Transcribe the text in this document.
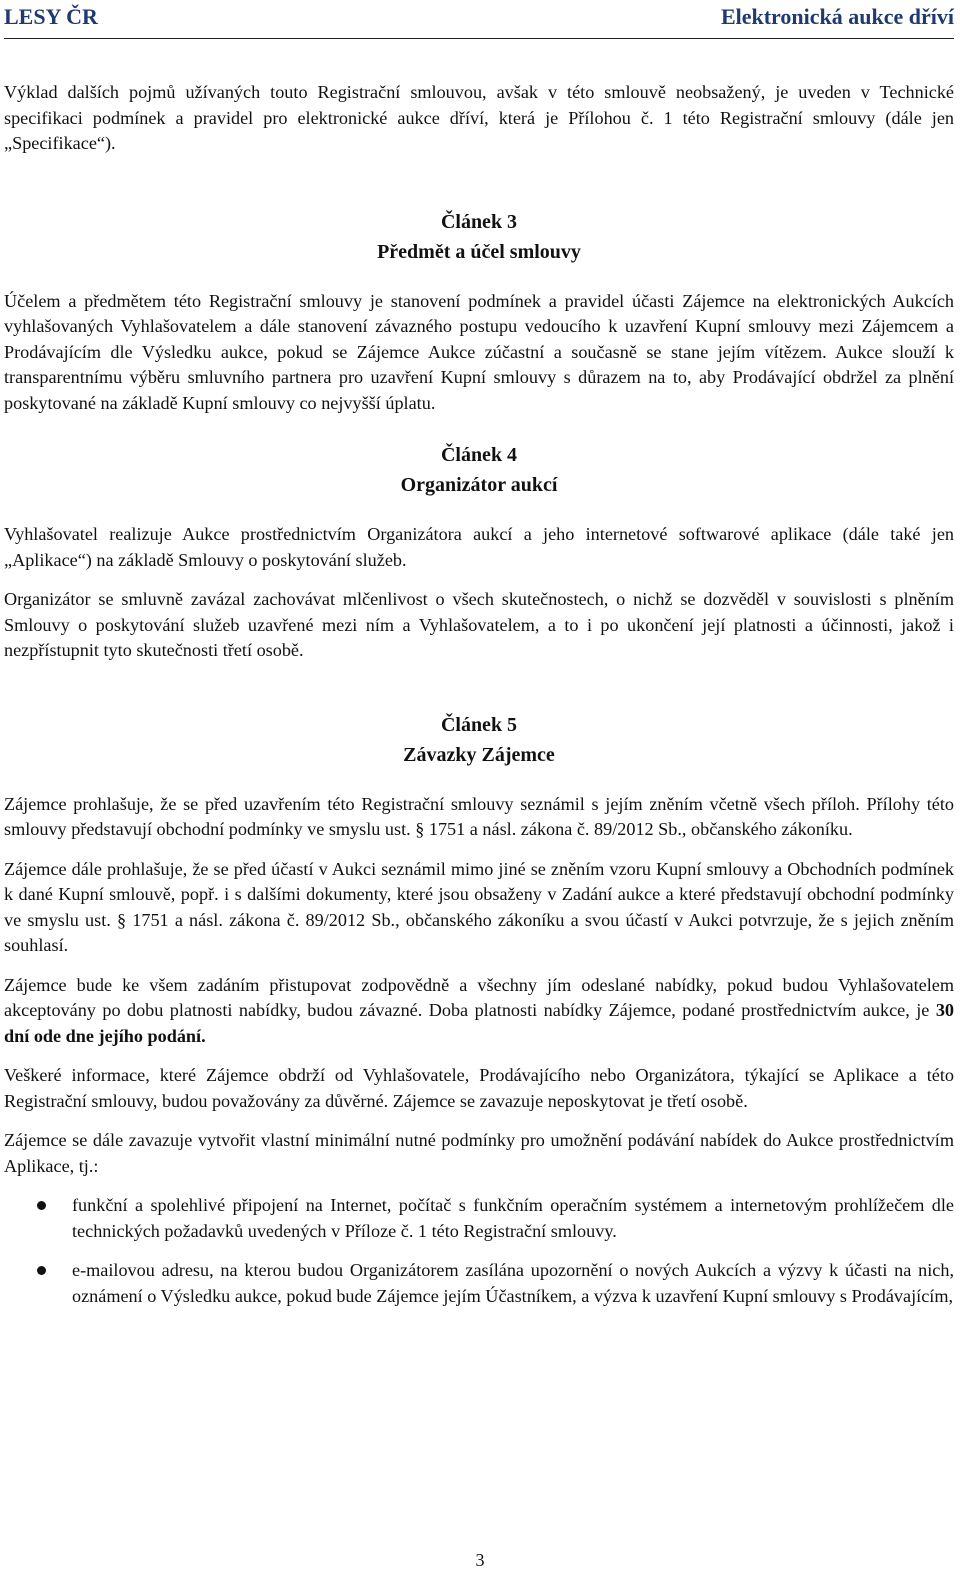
LESY ČR	Elektronická aukce dříví

Výklad dalších pojmů užívaných touto Registrační smlouvou, avšak v této smlouvě neobsažený, je uveden v Technické specifikaci podmínek a pravidel pro elektronické aukce dříví, která je Přílohou č. 1 této Registrační smlouvy (dále jen „Specifikace“).

Článek 3
Předmět a účel smlouvy

Účelem a předmětem této Registrační smlouvy je stanovení podmínek a pravidel účasti Zájemce na elektronických Aukcích vyhlašovaných Vyhlašovatelem a dále stanovení závazného postupu vedoucího k uzavření Kupní smlouvy mezi Zájemcem a Prodávajícím dle Výsledku aukce, pokud se Zájemce Aukce zúčastní a současně se stane jejím vítězem. Aukce slouží k transparentnímu výběru smluvního partnera pro uzavření Kupní smlouvy s důrazem na to, aby Prodávající obdržel za plnění poskytované na základě Kupní smlouvy co nejvyšší úplatu.

Článek 4
Organizátor aukcí

Vyhlašovatel realizuje Aukce prostřednictvím Organizátora aukcí a jeho internetové softwarové aplikace (dále také jen „Aplikace“) na základě Smlouvy o poskytování služeb.

Organizátor se smluvně zavázal zachovávat mlčenlivost o všech skutečnostech, o nichž se dozvěděl v souvislosti s plněním Smlouvy o poskytování služeb uzavřené mezi ním a Vyhlašovatelem, a to i po ukončení její platnosti a účinnosti, jakož i nezpřístupnit tyto skutečnosti třetí osobě.

Článek 5
Závazky Zájemce

Zájemce prohlašuje, že se před uzavřením této Registrační smlouvy seznámil s jejím zněním včetně všech příloh. Přílohy této smlouvy představují obchodní podmínky ve smyslu ust. § 1751 a násl. zákona č. 89/2012 Sb., občanského zákoníku.

Zájemce dále prohlašuje, že se před účastí v Aukci seznámil mimo jiné se zněním vzoru Kupní smlouvy a Obchodních podmínek k dané Kupní smlouvě, popř. i s dalšími dokumenty, které jsou obsaženy v Zadání aukce a které představují obchodní podmínky ve smyslu ust. § 1751 a násl. zákona č. 89/2012 Sb., občanského zákoníku a svou účastí v Aukci potvrzuje, že s jejich zněním souhlasí.

Zájemce bude ke všem zadáním přistupovat zodpovědně a všechny jím odeslané nabídky, pokud budou Vyhlašovatelem akceptovány po dobu platnosti nabídky, budou závazné. Doba platnosti nabídky Zájemce, podané prostřednictvím aukce, je 30 dní ode dne jejího podání.

Veškeré informace, které Zájemce obdrží od Vyhlašovatele, Prodávajícího nebo Organizátora, týkající se Aplikace a této Registrační smlouvy, budou považovány za důvěrné. Zájemce se zavazuje neposkytovat je třetí osobě.

Zájemce se dále zavazuje vytvořit vlastní minimální nutné podmínky pro umožnění podávání nabídek do Aukce prostřednictvím Aplikace, tj.:

funkční a spolehlivé připojení na Internet, počítač s funkčním operačním systémem a internetovým prohlížečem dle technických požadavků uvedených v Příloze č. 1 této Registrační smlouvy.
e-mailovou adresu, na kterou budou Organizátorem zasílána upozornění o nových Aukcích a výzvy k účasti na nich, oznámení o Výsledku aukce, pokud bude Zájemce jejím Účastníkem, a výzva k uzavření Kupní smlouvy s Prodávajícím,
3
